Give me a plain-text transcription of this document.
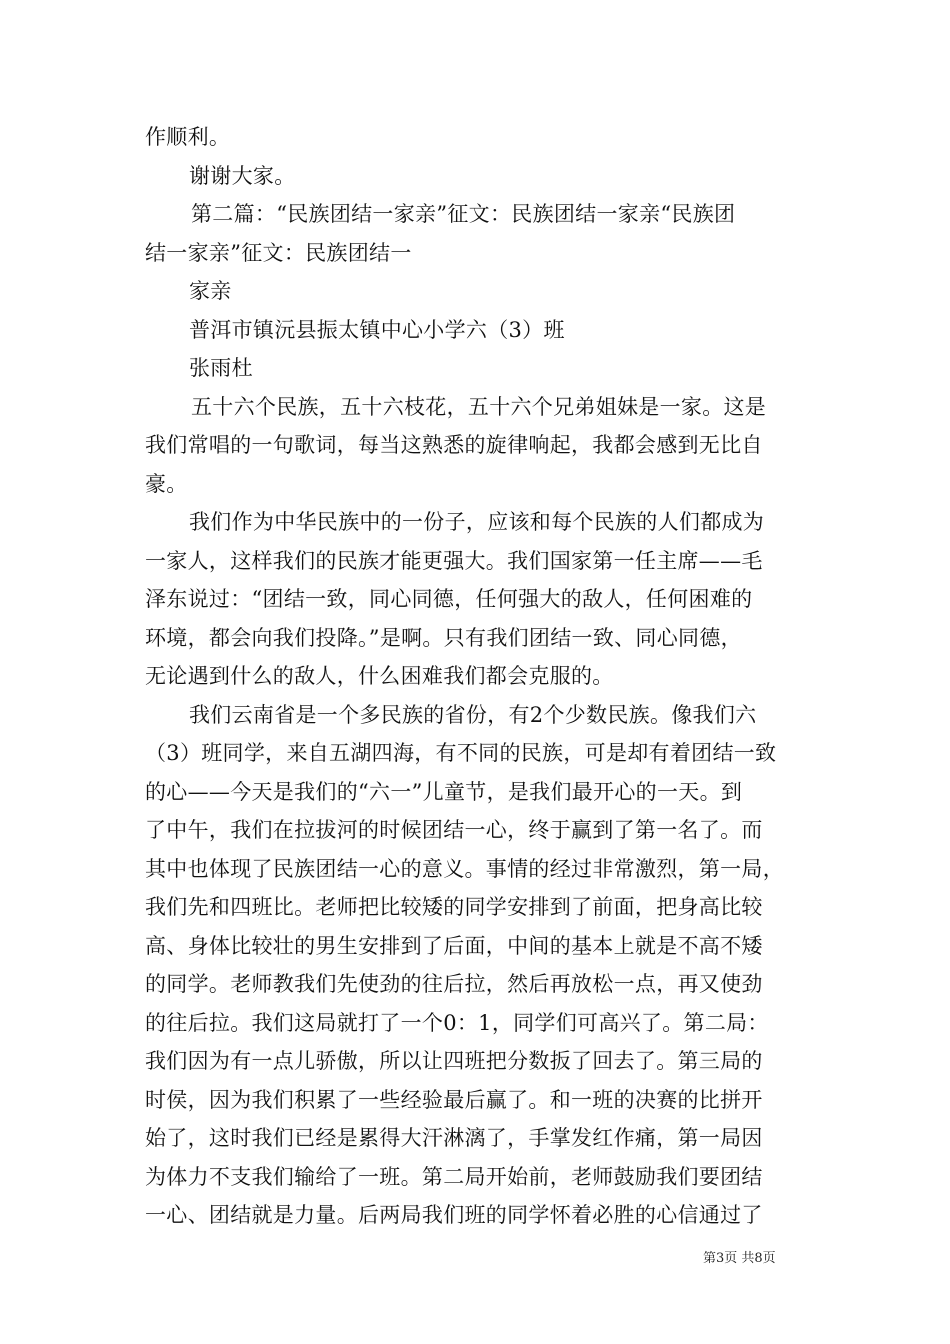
作顺利。
谢谢大家。
第二篇：“民族团结一家亲”征文：民族团结一家亲“民族团
结一家亲”征文：民族团结一
家亲
普洱市镇沅县振太镇中心小学六（3）班
张雨杜
五十六个民族，五十六枝花，五十六个兄弟姐妹是一家。这是
我们常唱的一句歌词，每当这熟悉的旋律响起，我都会感到无比自
豪。
我们作为中华民族中的一份子，应该和每个民族的人们都成为
一家人，这样我们的民族才能更强大。我们国家第一任主席——毛
泽东说过：“团结一致，同心同德，任何强大的敌人，任何困难的
环境，都会向我们投降。”是啊。只有我们团结一致、同心同德，
无论遇到什么的敌人，什么困难我们都会克服的。
我们云南省是一个多民族的省份，有2个少数民族。像我们六
（3）班同学，来自五湖四海，有不同的民族，可是却有着团结一致
的心——今天是我们的“六一”儿童节，是我们最开心的一天。到
了中午，我们在拉拔河的时候团结一心，终于赢到了第一名了。而
其中也体现了民族团结一心的意义。事情的经过非常激烈，第一局，
我们先和四班比。老师把比较矮的同学安排到了前面，把身高比较
高、身体比较壮的男生安排到了后面，中间的基本上就是不高不矮
的同学。老师教我们先使劲的往后拉，然后再放松一点，再又使劲
的往后拉。我们这局就打了一个0：1，同学们可高兴了。第二局：
我们因为有一点儿骄傲，所以让四班把分数扳了回去了。第三局的
时侯，因为我们积累了一些经验最后赢了。和一班的决赛的比拼开
始了，这时我们已经是累得大汗淋漓了，手掌发红作痛，第一局因
为体力不支我们输给了一班。第二局开始前，老师鼓励我们要团结
一心、团结就是力量。后两局我们班的同学怀着必胜的心信通过了
第3页 共8页
